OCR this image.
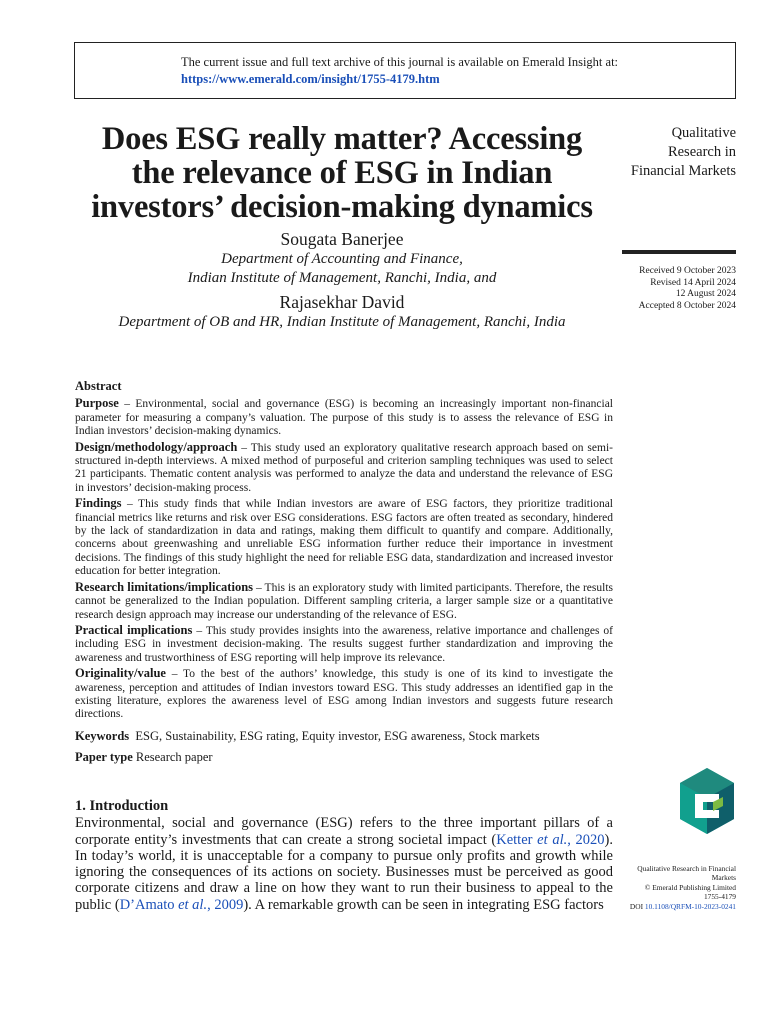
The current issue and full text archive of this journal is available on Emerald Insight at:
https://www.emerald.com/insight/1755-4179.htm
Does ESG really matter? Accessing
the relevance of ESG in Indian
investors’ decision-making dynamics
Sougata Banerjee
Department of Accounting and Finance,
Indian Institute of Management, Ranchi, India, and
Rajasekhar David
Department of OB and HR, Indian Institute of Management, Ranchi, India
Qualitative
Research in
Financial Markets
Received 9 October 2023
Revised 14 April 2024
12 August 2024
Accepted 8 October 2024
Abstract

Purpose – Environmental, social and governance (ESG) is becoming an increasingly important non-financial parameter for measuring a company’s valuation. The purpose of this study is to assess the relevance of ESG in Indian investors’ decision-making dynamics.

Design/methodology/approach – This study used an exploratory qualitative research approach based on semi-structured in-depth interviews. A mixed method of purposeful and criterion sampling techniques was used to select 21 participants. Thematic content analysis was performed to analyze the data and understand the relevance of ESG in investors’ decision-making process.

Findings – This study finds that while Indian investors are aware of ESG factors, they prioritize traditional financial metrics like returns and risk over ESG considerations. ESG factors are often treated as secondary, hindered by the lack of standardization in data and ratings, making them difficult to quantify and compare. Additionally, concerns about greenwashing and unreliable ESG information further reduce their importance in investment decisions. The findings of this study highlight the need for reliable ESG data, standardization and increased investor education for better integration.

Research limitations/implications – This is an exploratory study with limited participants. Therefore, the results cannot be generalized to the Indian population. Different sampling criteria, a larger sample size or a quantitative research design approach may increase our understanding of the relevance of ESG.

Practical implications – This study provides insights into the awareness, relative importance and challenges of including ESG in investment decision-making. The results suggest further standardization and improving the awareness and trustworthiness of ESG reporting will help improve its relevance.

Originality/value – To the best of the authors’ knowledge, this study is one of its kind to investigate the awareness, perception and attitudes of Indian investors toward ESG. This study addresses an identified gap in the existing literature, explores the awareness level of ESG among Indian investors and suggests future research directions.

Keywords ESG, Sustainability, ESG rating, Equity investor, ESG awareness, Stock markets

Paper type Research paper

1. Introduction

Environmental, social and governance (ESG) refers to the three important pillars of a corporate entity’s investments that can create a strong societal impact (Ketter et al., 2020). In today’s world, it is unacceptable for a company to pursue only profits and growth while ignoring the consequences of its actions on society. Businesses must be perceived as good corporate citizens and draw a line on how they want to run their business to appeal to the public (D’Amato et al., 2009). A remarkable growth can be seen in integrating ESG factors

Qualitative Research in Financial
Markets
© Emerald Publishing Limited
1755-4179
DOI 10.1108/QRFM-10-2023-0241
